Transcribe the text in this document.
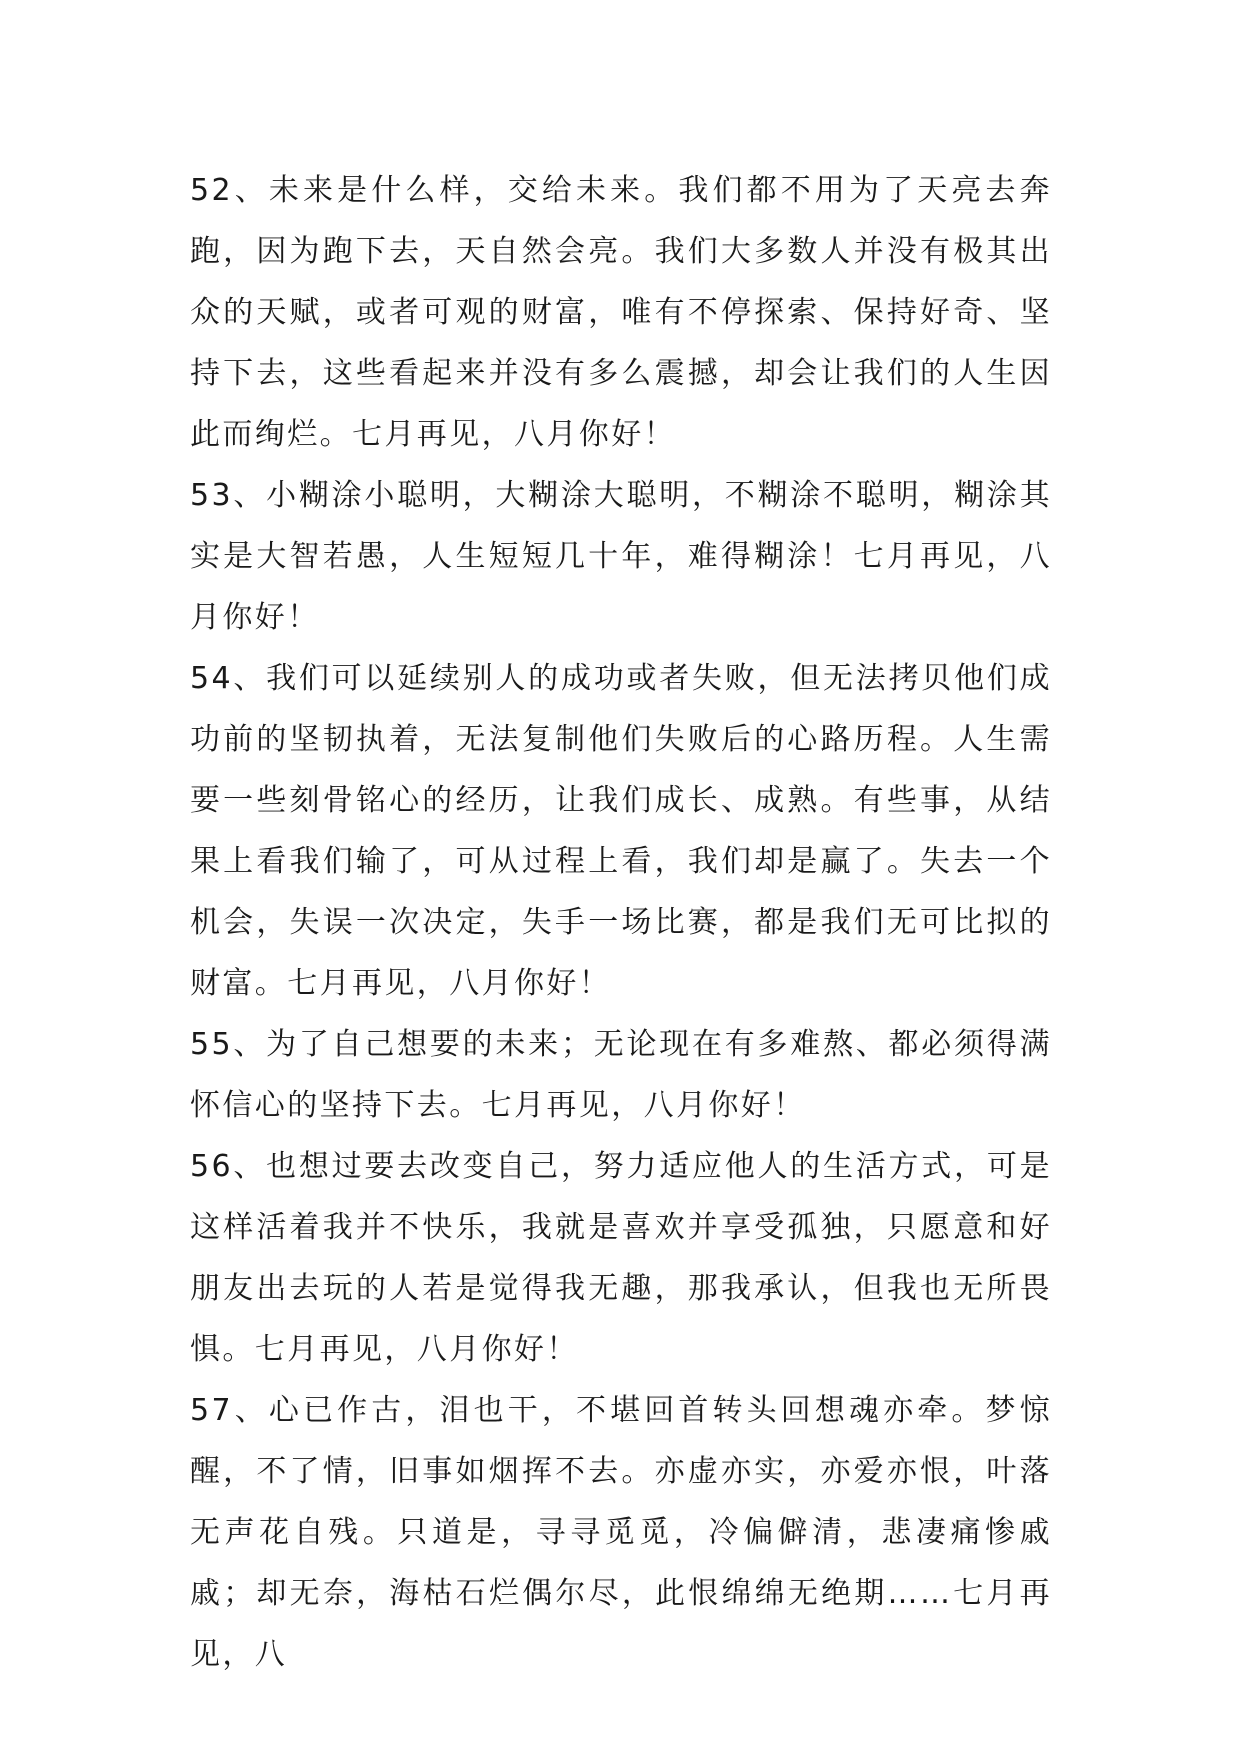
52、未来是什么样，交给未来。我们都不用为了天亮去奔跑，因为跑下去，天自然会亮。我们大多数人并没有极其出众的天赋，或者可观的财富，唯有不停探索、保持好奇、坚持下去，这些看起来并没有多么震撼，却会让我们的人生因此而绚烂。七月再见，八月你好！

53、小糊涂小聪明，大糊涂大聪明，不糊涂不聪明，糊涂其实是大智若愚，人生短短几十年，难得糊涂！七月再见，八月你好！

54、我们可以延续别人的成功或者失败，但无法拷贝他们成功前的坚韧执着，无法复制他们失败后的心路历程。人生需要一些刻骨铭心的经历，让我们成长、成熟。有些事，从结果上看我们输了，可从过程上看，我们却是赢了。失去一个机会，失误一次决定，失手一场比赛，都是我们无可比拟的财富。七月再见，八月你好！

55、为了自己想要的未来；无论现在有多难熬、都必须得满怀信心的坚持下去。七月再见，八月你好！

56、也想过要去改变自己，努力适应他人的生活方式，可是这样活着我并不快乐，我就是喜欢并享受孤独，只愿意和好朋友出去玩的人若是觉得我无趣，那我承认，但我也无所畏惧。七月再见，八月你好！

57、心已作古，泪也干，不堪回首转头回想魂亦牵。梦惊醒，不了情，旧事如烟挥不去。亦虚亦实，亦爱亦恨，叶落无声花自残。只道是，寻寻觅觅，冷偏僻清，悲凄痛惨戚戚；却无奈，海枯石烂偶尔尽，此恨绵绵无绝期……七月再见，八
